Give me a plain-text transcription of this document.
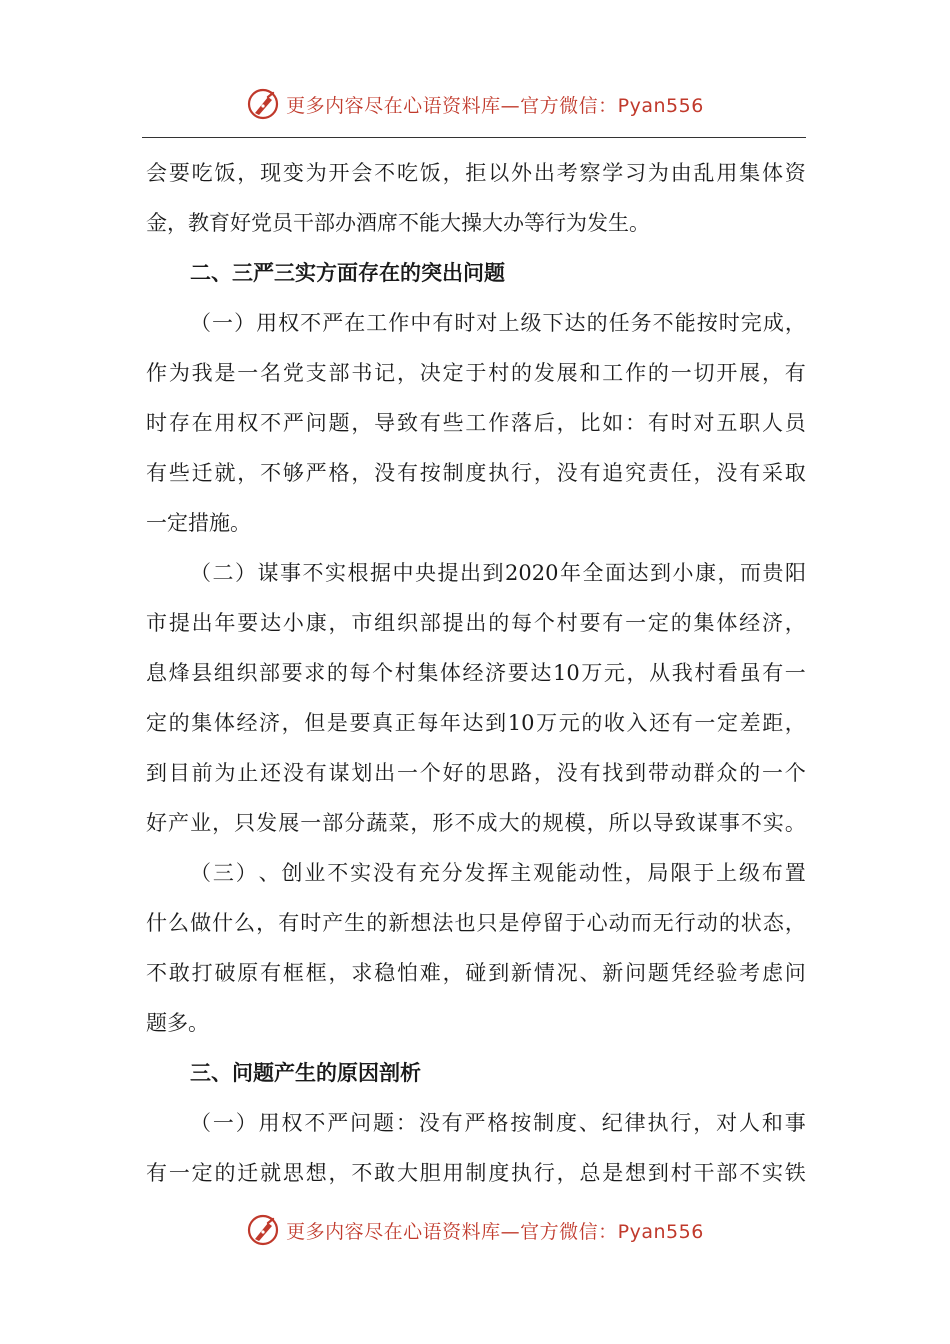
更多内容尽在心语资料库—官方微信：Pyan556
会 要 吃 饭 ， 现 变 为 开 会 不 吃 饭 ， 拒 以 外 出 考 察 学 习 为 由 乱 用 集 体 资
金，教育好党员干部办酒席不能大操大办等行为发生。
二、三严三实方面存在的突出问题
（ 一 ） 用 权 不 严 在 工 作 中 有 时 对 上 级 下 达 的 任 务 不 能 按 时 完 成 ，
作 为 我 是 一 名 党 支 部 书 记 ， 决 定 于 村 的 发 展 和 工 作 的 一 切 开 展 ， 有
时 存 在 用 权 不 严 问 题 ， 导 致 有 些 工 作 落 后 ， 比 如 ： 有 时 对 五 职 人 员
有 些 迁 就 ， 不 够 严 格 ， 没 有 按 制 度 执 行 ， 没 有 追 究 责 任 ， 没 有 采 取
一定措施。
（ 二 ） 谋 事 不 实 根 据 中 央 提 出 到 2020 年 全 面 达 到 小 康 ， 而 贵 阳
市 提 出 年 要 达 小 康 ， 市 组 织 部 提 出 的 每 个 村 要 有 一 定 的 集 体 经 济 ，
息 烽 县 组 织 部 要 求 的 每 个 村 集 体 经 济 要 达 10 万 元 ， 从 我 村 看 虽 有 一
定 的 集 体 经 济 ， 但 是 要 真 正 每 年 达 到 10 万 元 的 收 入 还 有 一 定 差 距 ，
到 目 前 为 止 还 没 有 谋 划 出 一 个 好 的 思 路 ， 没 有 找 到 带 动 群 众 的 一 个
好 产 业 ， 只 发 展 一 部 分 蔬 菜 ， 形 不 成 大 的 规 模 ， 所 以 导 致 谋 事 不 实 。
（ 三 ） 、 创 业 不 实 没 有 充 分 发 挥 主 观 能 动 性 ， 局 限 于 上 级 布 置
什 么 做 什 么 ， 有 时 产 生 的 新 想 法 也 只 是 停 留 于 心 动 而 无 行 动 的 状 态 ，
不 敢 打 破 原 有 框 框 ， 求 稳 怕 难 ， 碰 到 新 情 况 、 新 问 题 凭 经 验 考 虑 问
题多。
三、问题产生的原因剖析
（ 一 ） 用 权 不 严 问 题 ： 没 有 严 格 按 制 度 、 纪 律 执 行 ， 对 人 和 事
有 一 定 的 迁 就 思 想 ， 不 敢 大 胆 用 制 度 执 行 ， 总 是 想 到 村 干 部 不 实 铁
更多内容尽在心语资料库—官方微信：Pyan556
